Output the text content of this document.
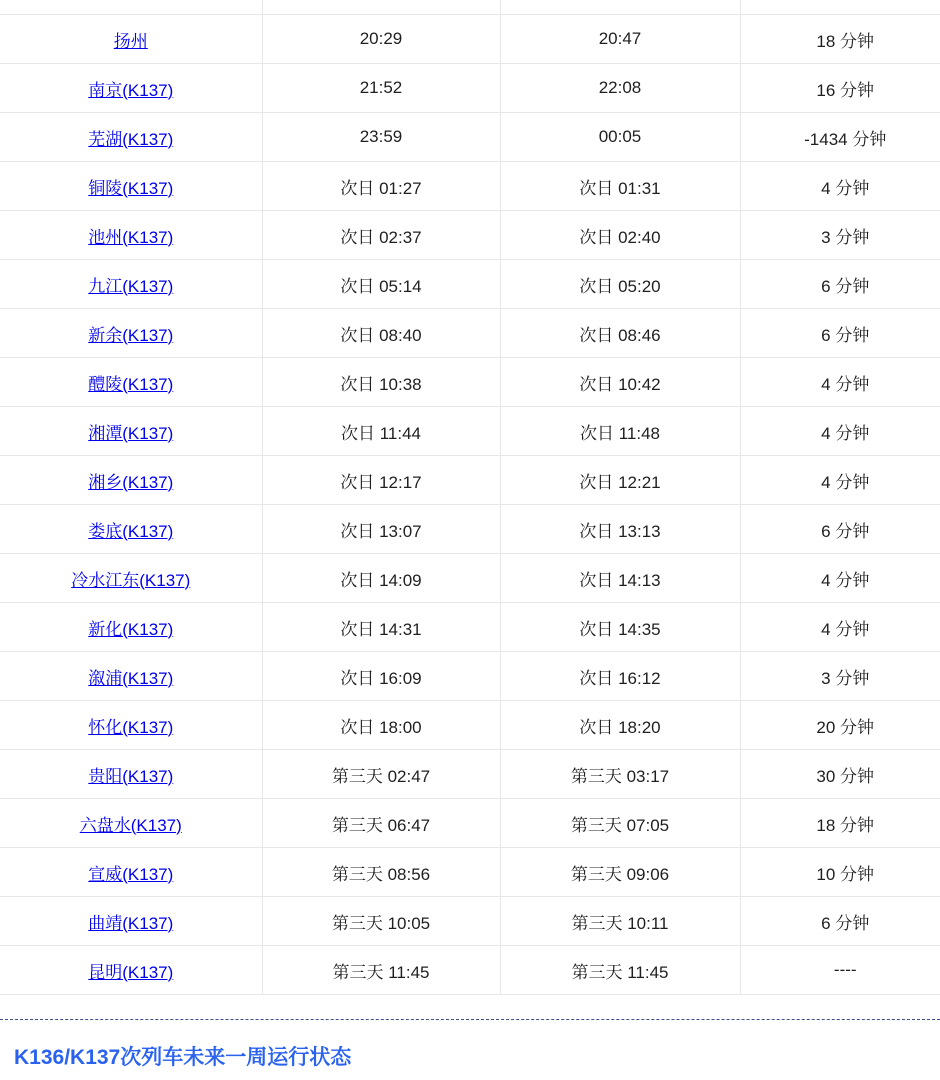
扬州	20:29	20:47	18 分钟
南京(K137)	21:52	22:08	16 分钟
芜湖(K137)	23:59	00:05	-1434 分钟
铜陵(K137)	次日 01:27	次日 01:31	4 分钟
池州(K137)	次日 02:37	次日 02:40	3 分钟
九江(K137)	次日 05:14	次日 05:20	6 分钟
新余(K137)	次日 08:40	次日 08:46	6 分钟
醴陵(K137)	次日 10:38	次日 10:42	4 分钟
湘潭(K137)	次日 11:44	次日 11:48	4 分钟
湘乡(K137)	次日 12:17	次日 12:21	4 分钟
娄底(K137)	次日 13:07	次日 13:13	6 分钟
冷水江东(K137)	次日 14:09	次日 14:13	4 分钟
新化(K137)	次日 14:31	次日 14:35	4 分钟
溆浦(K137)	次日 16:09	次日 16:12	3 分钟
怀化(K137)	次日 18:00	次日 18:20	20 分钟
贵阳(K137)	第三天 02:47	第三天 03:17	30 分钟
六盘水(K137)	第三天 06:47	第三天 07:05	18 分钟
宣威(K137)	第三天 08:56	第三天 09:06	10 分钟
曲靖(K137)	第三天 10:05	第三天 10:11	6 分钟
昆明(K137)	第三天 11:45	第三天 11:45	----
K136/K137次列车未来一周运行状态
